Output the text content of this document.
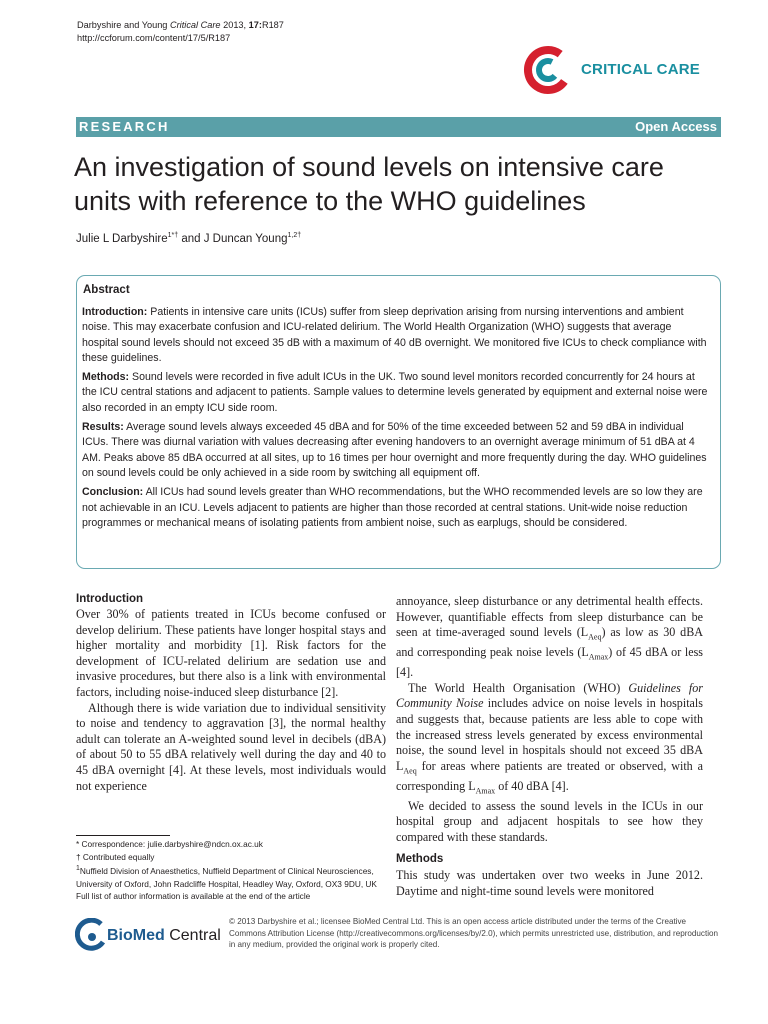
Darbyshire and Young Critical Care 2013, 17:R187
http://ccforum.com/content/17/5/R187
CRITICAL CARE
RESEARCH	Open Access
An investigation of sound levels on intensive care units with reference to the WHO guidelines
Julie L Darbyshire$^{1*\dagger}$ and J Duncan Young$^{1,2\dagger}$
Abstract

Introduction: Patients in intensive care units (ICUs) suffer from sleep deprivation arising from nursing interventions and ambient noise. This may exacerbate confusion and ICU-related delirium. The World Health Organization (WHO) suggests that average hospital sound levels should not exceed 35 dB with a maximum of 40 dB overnight. We monitored five ICUs to check compliance with these guidelines.

Methods: Sound levels were recorded in five adult ICUs in the UK. Two sound level monitors recorded concurrently for 24 hours at the ICU central stations and adjacent to patients. Sample values to determine levels generated by equipment and external noise were also recorded in an empty ICU side room.

Results: Average sound levels always exceeded 45 dBA and for 50% of the time exceeded between 52 and 59 dBA in individual ICUs. There was diurnal variation with values decreasing after evening handovers to an overnight average minimum of 51 dBA at 4 AM. Peaks above 85 dBA occurred at all sites, up to 16 times per hour overnight and more frequently during the day. WHO guidelines on sound levels could be only achieved in a side room by switching all equipment off.

Conclusion: All ICUs had sound levels greater than WHO recommendations, but the WHO recommended levels are so low they are not achievable in an ICU. Levels adjacent to patients are higher than those recorded at central stations. Unit-wide noise reduction programmes or mechanical means of isolating patients from ambient noise, such as earplugs, should be considered.

Introduction

Over 30% of patients treated in ICUs become confused or develop delirium. These patients have longer hospital stays and higher mortality and morbidity [1]. Risk factors for the development of ICU-related delirium are sedation use and invasive procedures, but there also is a link with environmental factors, including noise-induced sleep disturbance [2].

Although there is wide variation due to individual sensitivity to noise and tendency to aggravation [3], the normal healthy adult can tolerate an A-weighted sound level in decibels (dBA) of about 50 to 55 dBA relatively well during the day and 40 to 45 dBA overnight [4]. At these levels, most individuals would not experience

annoyance, sleep disturbance or any detrimental health effects. However, quantifiable effects from sleep disturbance can be seen at time-averaged sound levels $(L_{Aeq})$ as low as 30 dBA and corresponding peak noise levels $(L_{Amax})$ of 45 dBA or less [4].

The World Health Organisation (WHO) Guidelines for Community Noise includes advice on noise levels in hospitals and suggests that, because patients are less able to cope with the increased stress levels generated by excess environmental noise, the sound level in hospitals should not exceed 35 dBA $L_{Aeq}$ for areas where patients are treated or observed, with a corresponding $L_{Amax}$ of 40 dBA [4].

We decided to assess the sound levels in the ICUs in our hospital group and adjacent hospitals to see how they compared with these standards.

Methods

This study was undertaken over two weeks in June 2012. Daytime and night-time sound levels were monitored

* Correspondence: julie.darbyshire@ndcn.ox.ac.uk

† Contributed equally

$^1$Nuffield Division of Anaesthetics, Nuffield Department of Clinical Neurosciences, University of Oxford, John Radcliffe Hospital, Headley Way, Oxford, OX3 9DU, UK

Full list of author information is available at the end of the article

BioMed Central
© 2013 Darbyshire et al.; licensee BioMed Central Ltd. This is an open access article distributed under the terms of the Creative Commons Attribution License (http://creativecommons.org/licenses/by/2.0), which permits unrestricted use, distribution, and reproduction in any medium, provided the original work is properly cited.
